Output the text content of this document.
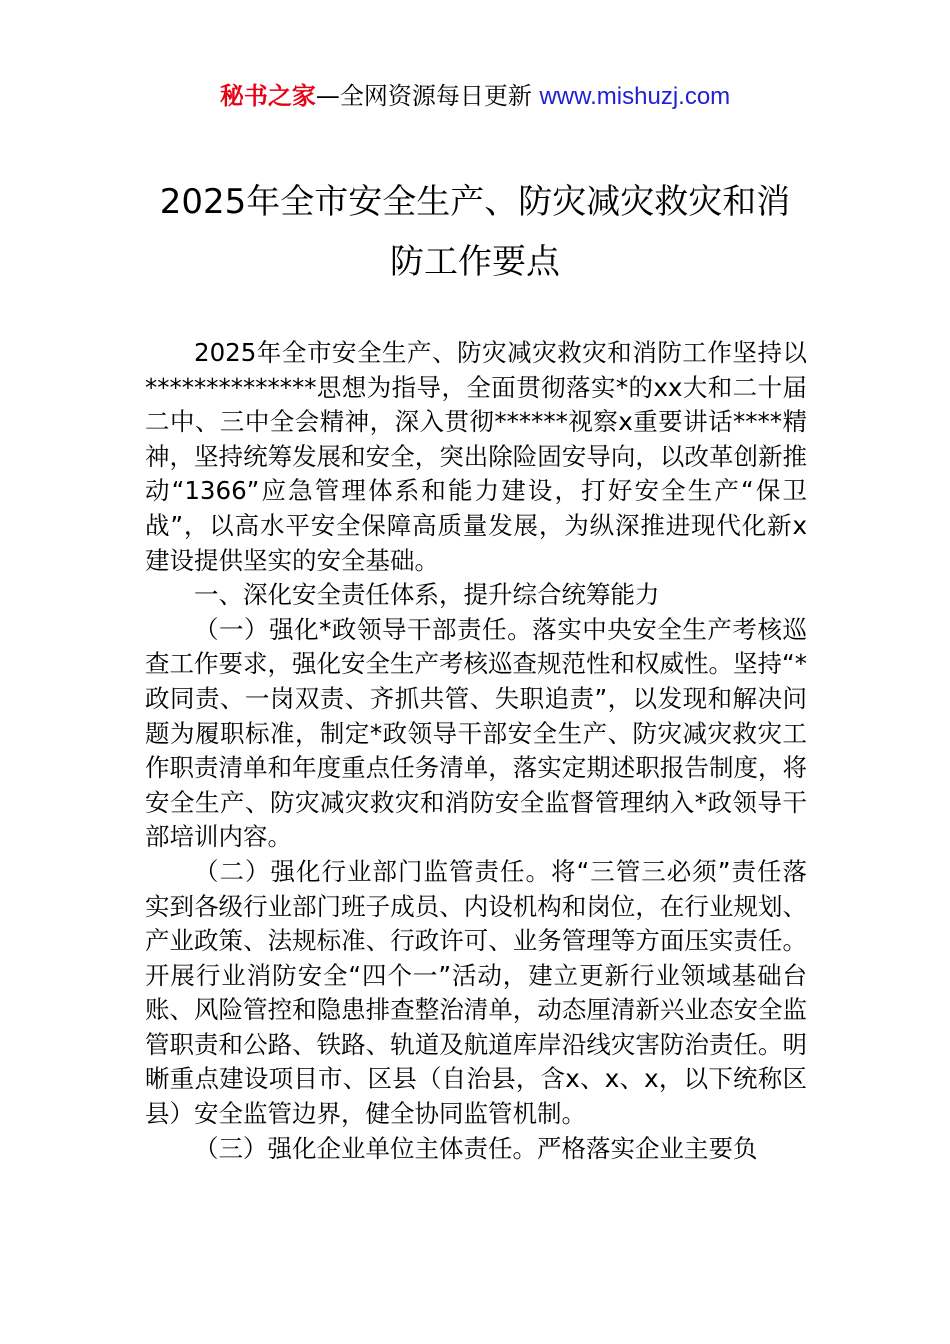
秘书之家—全网资源每日更新 www.mishuzj.com
2025年全市安全生产、防灾减灾救灾和消
防工作要点

2025年全市安全生产、防灾减灾救灾和消防工作坚持以**************思想为指导，全面贯彻落实*的xx大和二十届二中、三中全会精神，深入贯彻******视察x重要讲话****精神，坚持统筹发展和安全，突出除险固安导向，以改革创新推动“1366”应急管理体系和能力建设，打好安全生产“保卫战”，以高水平安全保障高质量发展，为纵深推进现代化新x建设提供坚实的安全基础。

一、深化安全责任体系，提升综合统筹能力

（一）强化*政领导干部责任。落实中央安全生产考核巡查工作要求，强化安全生产考核巡查规范性和权威性。坚持“*政同责、一岗双责、齐抓共管、失职追责”，以发现和解决问题为履职标准，制定*政领导干部安全生产、防灾减灾救灾工作职责清单和年度重点任务清单，落实定期述职报告制度，将安全生产、防灾减灾救灾和消防安全监督管理纳入*政领导干部培训内容。

（二）强化行业部门监管责任。将“三管三必须”责任落实到各级行业部门班子成员、内设机构和岗位，在行业规划、产业政策、法规标准、行政许可、业务管理等方面压实责任。开展行业消防安全“四个一”活动，建立更新行业领域基础台账、风险管控和隐患排查整治清单，动态厘清新兴业态安全监管职责和公路、铁路、轨道及航道库岸沿线灾害防治责任。明晰重点建设项目市、区县（自治县，含x、x、x，以下统称区县）安全监管边界，健全协同监管机制。

（三）强化企业单位主体责任。严格落实企业主要负
